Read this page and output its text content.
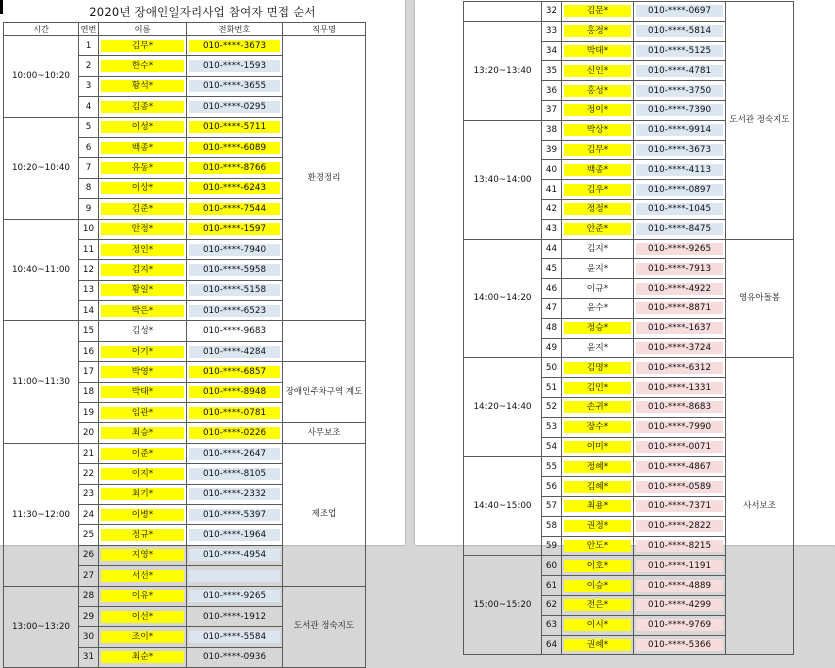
2020년 장애인일자리사업 참여자 면접 순서
시간	연번	이름	전화번호	직무명
10:00~10:20	1	김무*	010-****-3673	환경정리
	2	한수*	010-****-1593	

	3	황석*	010-****-3655	

	4	김종*	010-****-0295	

10:20~10:40	5	이성*	010-****-5711	

	6	백종*	010-****-6089	

	7	유동*	010-****-8766	

	8	이상*	010-****-6243	

	9	김준*	010-****-7544	

10:40~11:00	10	안정*	010-****-1597	

	11	정인*	010-****-7940	

	12	김지*	010-****-5958	

	13	황일*	010-****-5158	

	14	박은*	010-****-6523	

11:00~11:30	15	김성*	010-****-9683	

	16	이기*	010-****-4284	

	17	박영*	010-****-6857	장애인주차구역 계도
	18	박태*	010-****-8948	

	19	임관*	010-****-0781	

	20	최승*	010-****-0226	사무보조
11:30~12:00	21	이준*	010-****-2647	제조업
	22	이지*	010-****-8105	

	23	최기*	010-****-2332	

	24	이병*	010-****-5397	

	25	정규*	010-****-1964	

	26	지영*	010-****-4954	

	27	서선*		

13:00~13:20	28	이유*	010-****-9265	도서관 정숙지도
	29	이선*	010-****-1912	

	30	조이*	010-****-5584	

	31	최순*	010-****-0936	
	32	김문*	010-****-0697	도서관 정숙지도
13:20~13:40	33	홍정*	010-****-5814	

	34	박태*	010-****-5125	

	35	신인*	010-****-4781	

	36	홍성*	010-****-3750	

	37	정이*	010-****-7390	

13:40~14:00	38	박상*	010-****-9914	

	39	김무*	010-****-3673	

	40	백종*	010-****-4113	

	41	김우*	010-****-0897	

	42	정정*	010-****-1045	

	43	안준*	010-****-8475	

14:00~14:20	44	김지*	010-****-9265	영유아돌봄
	45	윤지*	010-****-7913	

	46	이규*	010-****-4922	

	47	윤수*	010-****-8871	

	48	정승*	010-****-1637	

	49	윤지*	010-****-3724	

14:20~14:40	50	김명*	010-****-6312	사서보조
	51	김민*	010-****-1331	

	52	손귀*	010-****-8683	

	53	장수*	010-****-7990	

	54	이미*	010-****-0071	

14:40~15:00	55	정혜*	010-****-4867	

	56	김혜*	010-****-0589	

	57	최용*	010-****-7371	

	58	권정*	010-****-2822	

	59	안도*	010-****-8215	

15:00~15:20	60	이호*	010-****-1191	

	61	이승*	010-****-4889	

	62	전은*	010-****-4299	

	63	이시*	010-****-9769	

	64	권혜*	010-****-5366	
